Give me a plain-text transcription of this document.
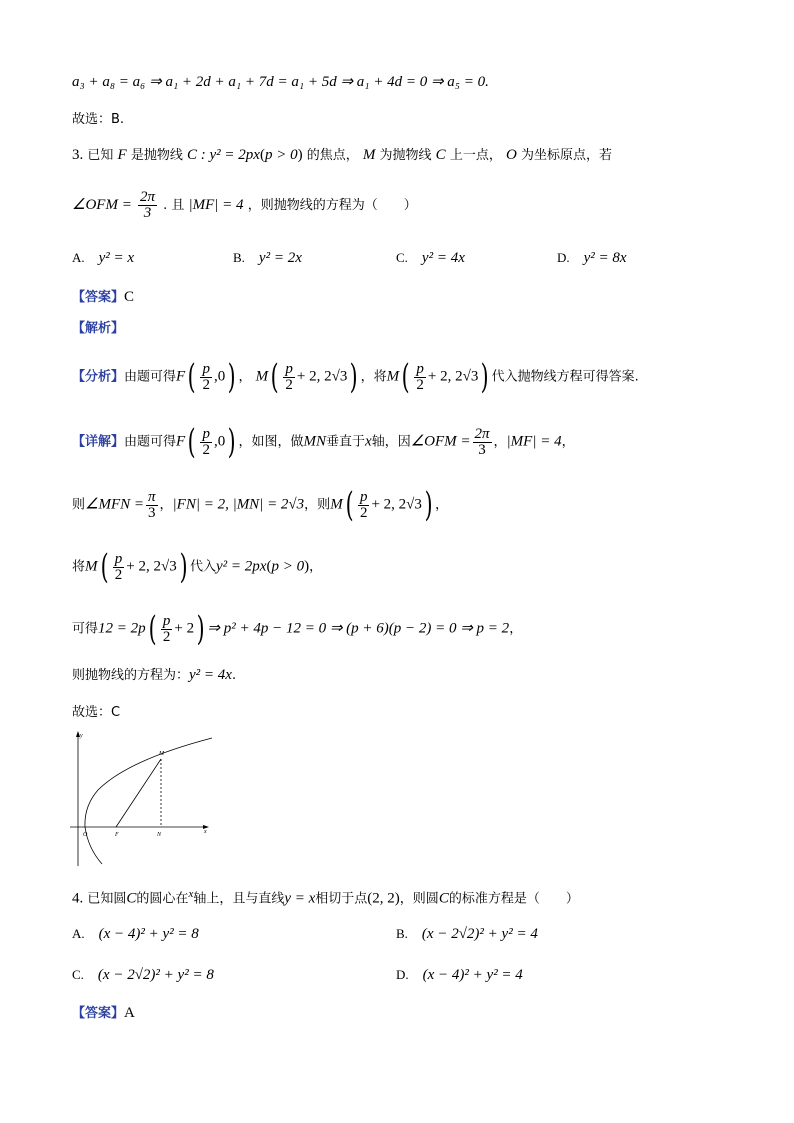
a₃ + a₈ = a₆ ⇒ a₁ + 2d + a₁ + 7d = a₁ + 5d ⇒ a₁ + 4d = 0 ⇒ a₅ = 0.
故选：B.
3. 已知 F 是抛物线 C : y² = 2px(p > 0) 的焦点， M 为抛物线 C 上一点， O 为坐标原点，若
∠OFM = $\frac{2\pi}{3}$ . 且 |MF| = 4 ，则抛物线的方程为（　　）
A. y² = x	B. y² = 2x	C. y² = 4x	D. y² = 8x
【答案】C
【解析】
【分析】由题可得$F( \frac{p}{2} ,0)$ ， $M( \frac{p}{2} + 2$, 2√3) ，将$M( \frac{p}{2} + 2$, 2√3) 代入抛物线方程可得答案.
【详解】由题可得$F( \frac{p}{2} ,0)$ ，如图，做MN垂直于x轴，因∠OFM = $\frac{2\pi}{3}$ ，|MF| = 4，
则∠MFN = $\frac{\pi}{3}$ ，|FN| = 2, |MN| = 2√3，则$M( \frac{p}{2} + 2$, 2√3) ，
将$M( \frac{p}{2} + 2$, 2√3) 代入y² = 2px(p > 0)，
可得$12 = 2p( \frac{p}{2} + 2)$ ⇒ p² + 4p − 12 = 0 ⇒ (p + 6)(p − 2) = 0 ⇒ p = 2，
则抛物线的方程为：y² = 4x.
故选：C
y
x
O	F	N
M
4. 已知圆C的圆心在$^x$轴上，且与直线y = x相切于点(2, 2)，则圆C的标准方程是（　　）
A. (x − 4)² + y² = 8	B. (x − 2√2)² + y² = 4
C. (x − 2√2)² + y² = 8	D. (x − 4)² + y² = 4
【答案】A
